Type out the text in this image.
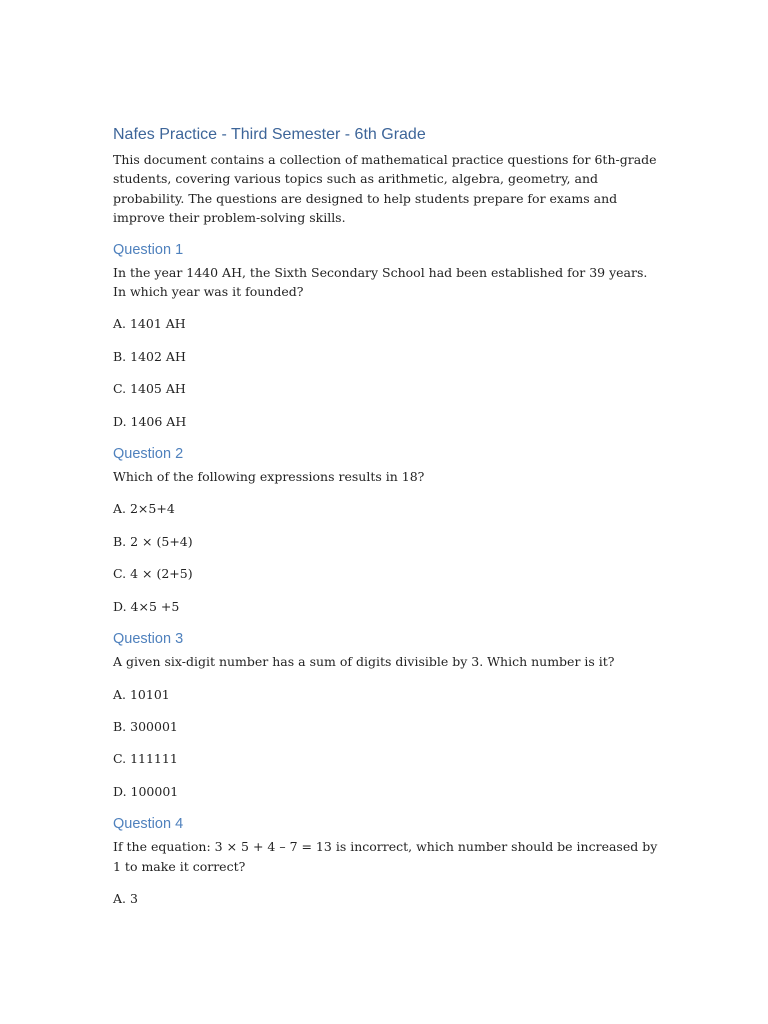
Nafes Practice - Third Semester - 6th Grade

This document contains a collection of mathematical practice questions for 6th-grade students, covering various topics such as arithmetic, algebra, geometry, and probability. The questions are designed to help students prepare for exams and improve their problem-solving skills.

Question 1

In the year 1440 AH, the Sixth Secondary School had been established for 39 years. In which year was it founded?

A. 1401 AH

B. 1402 AH

C. 1405 AH

D. 1406 AH

Question 2

Which of the following expressions results in 18?

A. 2×5+4

B. 2 × (5+4)

C. 4 × (2+5)

D. 4×5 +5

Question 3

A given six-digit number has a sum of digits divisible by 3. Which number is it?

A. 10101

B. 300001

C. 111111

D. 100001

Question 4

If the equation: 3 × 5 + 4 – 7 = 13 is incorrect, which number should be increased by 1 to make it correct?

A. 3
